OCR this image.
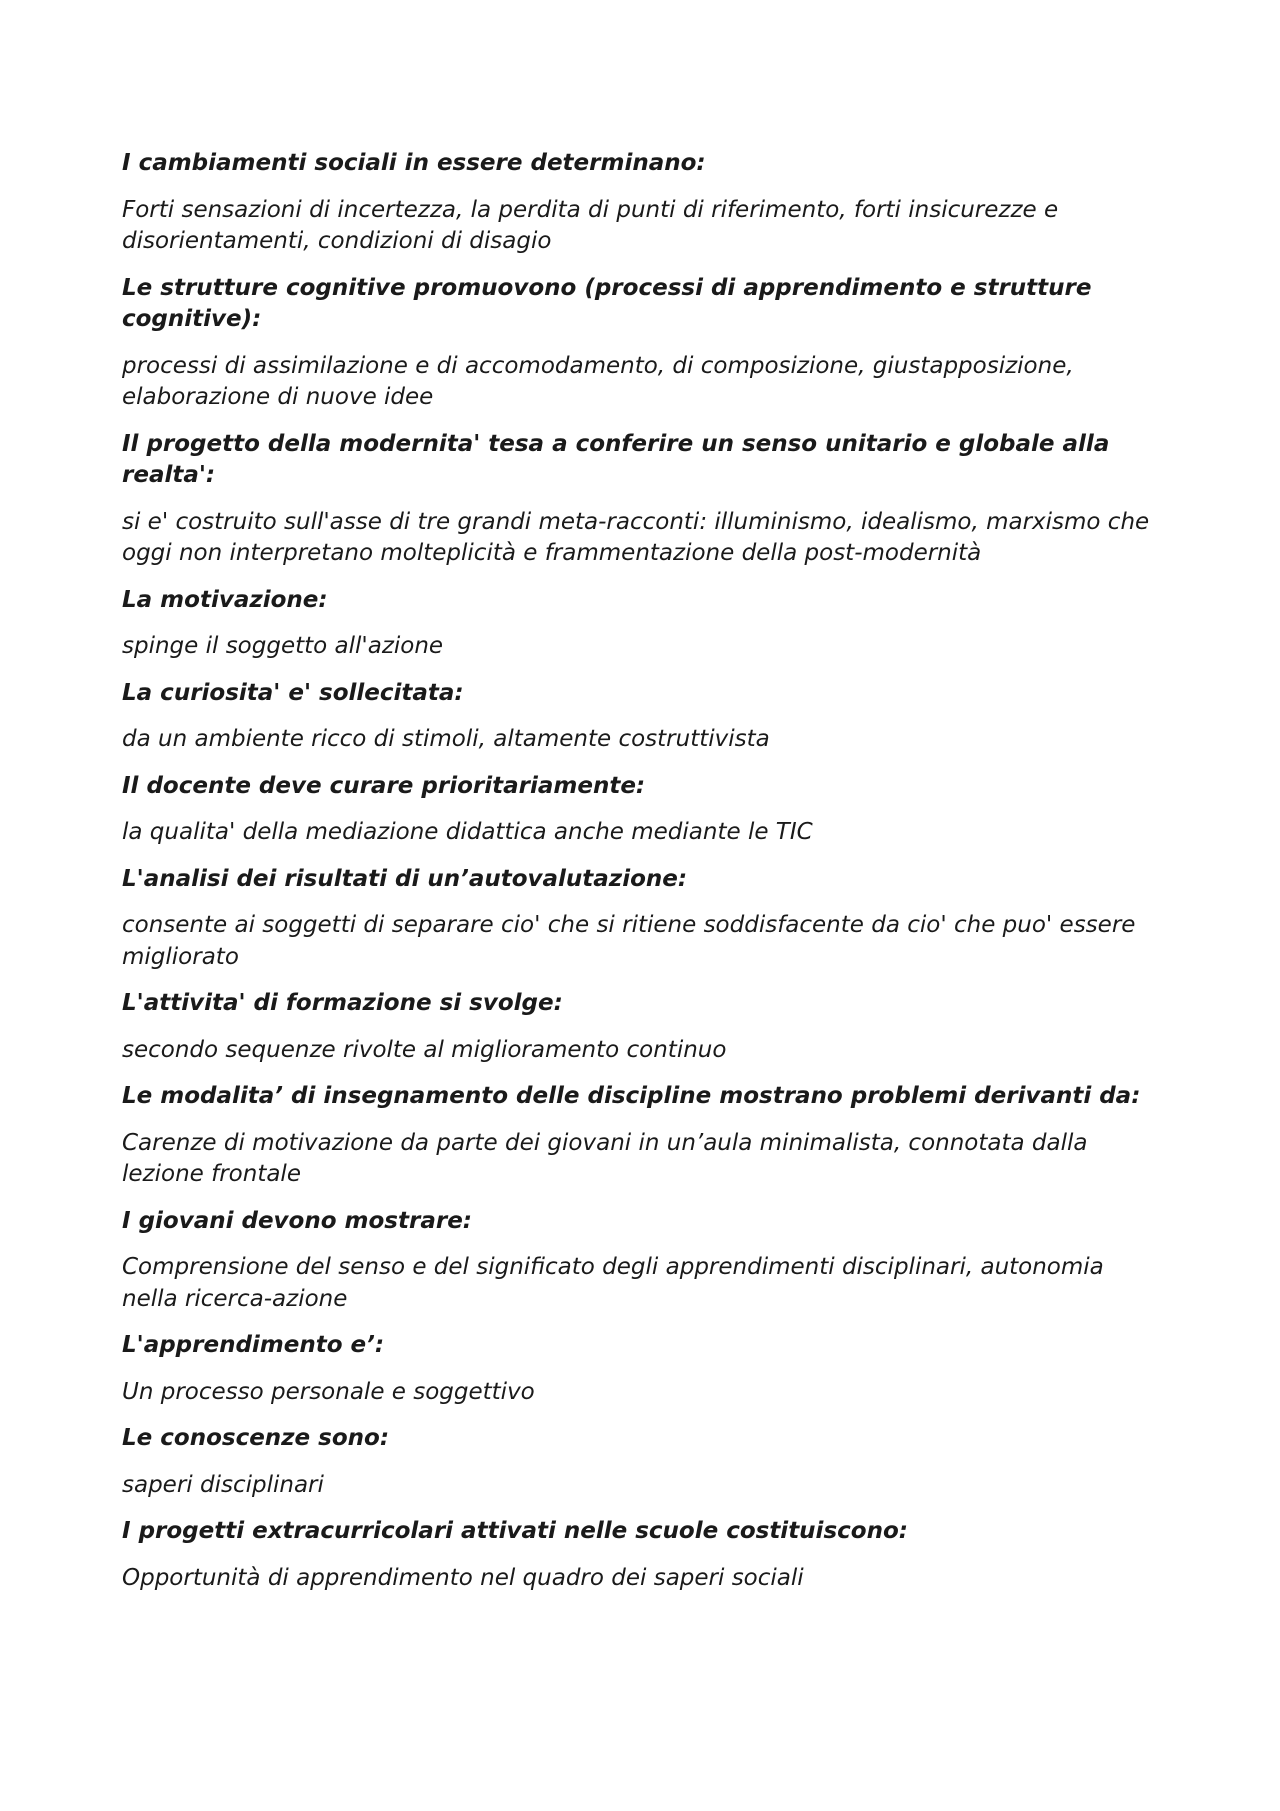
I cambiamenti sociali in essere determinano:

Forti sensazioni di incertezza, la perdita di punti di riferimento, forti insicurezze e disorientamenti, condizioni di disagio

Le strutture cognitive promuovono (processi di apprendimento e strutture cognitive):

processi di assimilazione e di accomodamento, di composizione, giustapposizione, elaborazione di nuove idee

Il progetto della modernita' tesa a conferire un senso unitario e globale alla realta':

si e' costruito sull'asse di tre grandi meta-racconti: illuminismo, idealismo, marxismo che oggi non interpretano molteplicità e frammentazione della post-modernità

La motivazione:

spinge il soggetto all'azione

La curiosita' e' sollecitata:

da un ambiente ricco di stimoli, altamente costruttivista

Il docente deve curare prioritariamente:

la qualita' della mediazione didattica anche mediante le TIC

L'analisi dei risultati di un’autovalutazione:

consente ai soggetti di separare cio' che si ritiene soddisfacente da cio' che puo' essere migliorato

L'attivita' di formazione si svolge:

secondo sequenze rivolte al miglioramento continuo

Le modalita’ di insegnamento delle discipline mostrano problemi derivanti da:

Carenze di motivazione da parte dei giovani in un’aula minimalista, connotata dalla lezione frontale

I giovani devono mostrare:

Comprensione del senso e del significato degli apprendimenti disciplinari, autonomia nella ricerca-azione

L'apprendimento e’:

Un processo personale e soggettivo

Le conoscenze sono:

saperi disciplinari

I progetti extracurricolari attivati nelle scuole costituiscono:

Opportunità di apprendimento nel quadro dei saperi sociali
